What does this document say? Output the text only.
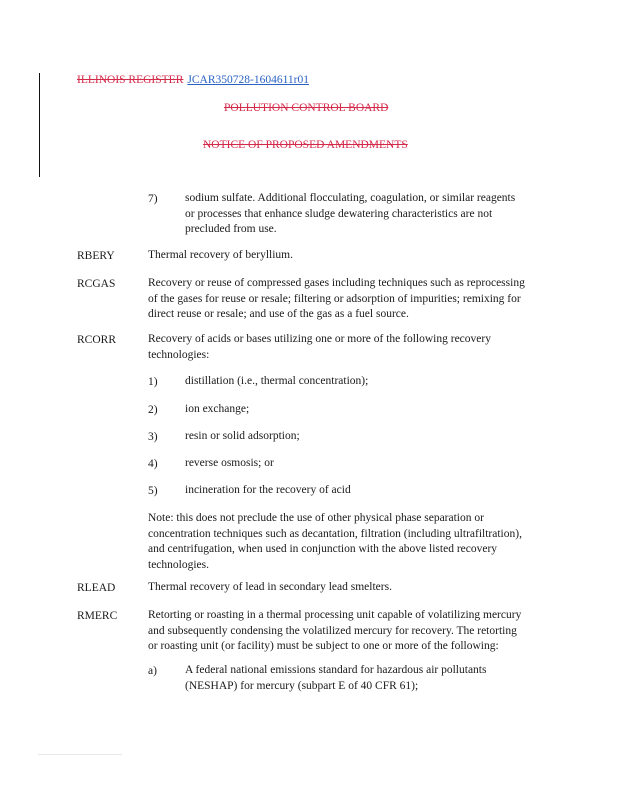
ILLINOIS REGISTER JCAR350728-1604611r01
POLLUTION CONTROL BOARD
NOTICE OF PROPOSED AMENDMENTS
7) sodium sulfate. Additional flocculating, coagulation, or similar reagents
or processes that enhance sludge dewatering characteristics are not
precluded from use.
RBERY	Thermal recovery of beryllium.
RCGAS	Recovery or reuse of compressed gases including techniques such as reprocessing
of the gases for reuse or resale; filtering or adsorption of impurities; remixing for
direct reuse or resale; and use of the gas as a fuel source.
RCORR	Recovery of acids or bases utilizing one or more of the following recovery
technologies:
1) distillation (i.e., thermal concentration);
2) ion exchange;
3) resin or solid adsorption;
4) reverse osmosis; or
5) incineration for the recovery of acid
Note: this does not preclude the use of other physical phase separation or
concentration techniques such as decantation, filtration (including ultrafiltration),
and centrifugation, when used in conjunction with the above listed recovery
technologies.
RLEAD	Thermal recovery of lead in secondary lead smelters.
RMERC	Retorting or roasting in a thermal processing unit capable of volatilizing mercury
and subsequently condensing the volatilized mercury for recovery. The retorting
or roasting unit (or facility) must be subject to one or more of the following:
a) A federal national emissions standard for hazardous air pollutants
(NESHAP) for mercury (subpart E of 40 CFR 61);
